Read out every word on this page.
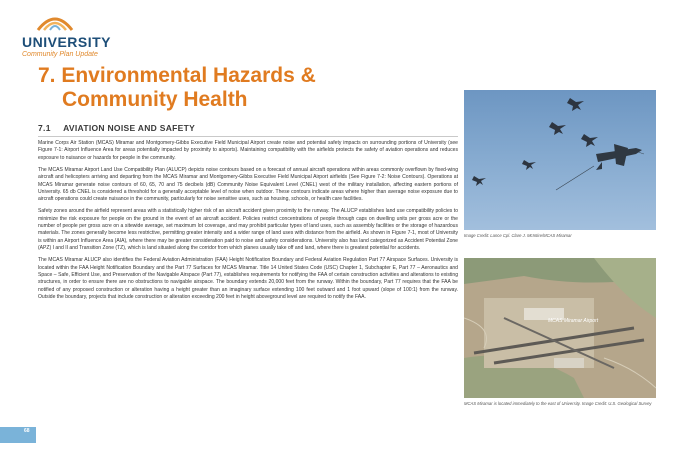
UNIVERSITY
Community Plan Update
7. Environmental Hazards &
Community Health
7.1 AVIATION NOISE AND SAFETY

Marine Corps Air Station (MCAS) Miramar and Montgomery-Gibbs Executive Field Municipal Airport create noise and potential safety impacts on surrounding portions of University (see Figure 7-1: Airport Influence Area for areas potentially impacted by proximity to airports). Maintaining compatibility with the airfields protects the safety of aviation operations and reduces exposure to nuisance or hazards for people in the community.

The MCAS Miramar Airport Land Use Compatibility Plan (ALUCP) depicts noise contours based on a forecast of annual aircraft operations within areas commonly overflown by fixed-wing aircraft and helicopters arriving and departing from the MCAS Miramar and Montgomery-Gibbs Executive Field Municipal Airport airfields (See Figure 7-2: Noise Contours). Operations at MCAS Miramar generate noise contours of 60, 65, 70 and 75 decibels (dB) Community Noise Equivalent Level (CNEL) west of the military installation, affecting eastern portions of University. 65 db CNEL is considered a threshold for a generally acceptable level of noise when outdoor. These contours indicate areas where higher than average noise exposure due to aircraft operations could create nuisance in the community, particularly for noise sensitive uses, such as housing, schools, or health care facilities.

Safety zones around the airfield represent areas with a statistically higher risk of an aircraft accident given proximity to the runway. The ALUCP establishes land use compatibility policies to minimize the risk exposure for people on the ground in the event of an aircraft accident. Policies restrict concentrations of people through caps on dwelling units per gross acre or the number of people per gross acre on a sitewide average, set maximum lot coverage, and may prohibit particular types of land uses, such as assembly facilities or the storage of hazardous materials. The zones generally become less restrictive, permitting greater intensity and a wider range of land uses with distance from the airfield. As shown in Figure 7-1, most of University is within an Airport Influence Area (AIA), where there may be greater consideration paid to noise and safety considerations. University also has land categorized as Accident Potential Zone (APZ) I and II and Transition Zone (TZ), which is land situated along the corridor from which planes usually take off and land, where there is greatest potential for accidents.

The MCAS Miramar ALUCP also identifies the Federal Aviation Administration (FAA) Height Notification Boundary and Federal Aviation Regulation Part 77 Airspace Surfaces. University is located within the FAA Height Notification Boundary and the Part 77 Surfaces for MCAS Miramar. Title 14 United States Code (USC) Chapter 1, Subchapter E, Part 77 – Aeronautics and Space – Safe, Efficient Use, and Preservation of the Navigable Airspace (Part 77), establishes requirements for notifying the FAA of certain construction activities and alterations to existing structures, in order to ensure there are no obstructions to navigable airspace. The boundary extends 20,000 feet from the runway. Within the boundary, Part 77 requires that the FAA be notified of any proposed construction or alteration having a height greater than an imaginary surface extending 100 feet outward and 1 foot upward (slope of 100:1) from the runway. Outside the boundary, projects that include construction or alteration exceeding 200 feet in height aboveground level are required to notify the FAA.

Image Credit: Lance Cpl. Clare J. McIntire/MCAS Miramar
MCAS Miramar Airport
MCAS Miramar is located immediately to the east of University. Image Credit: U.S. Geological Survey
68
